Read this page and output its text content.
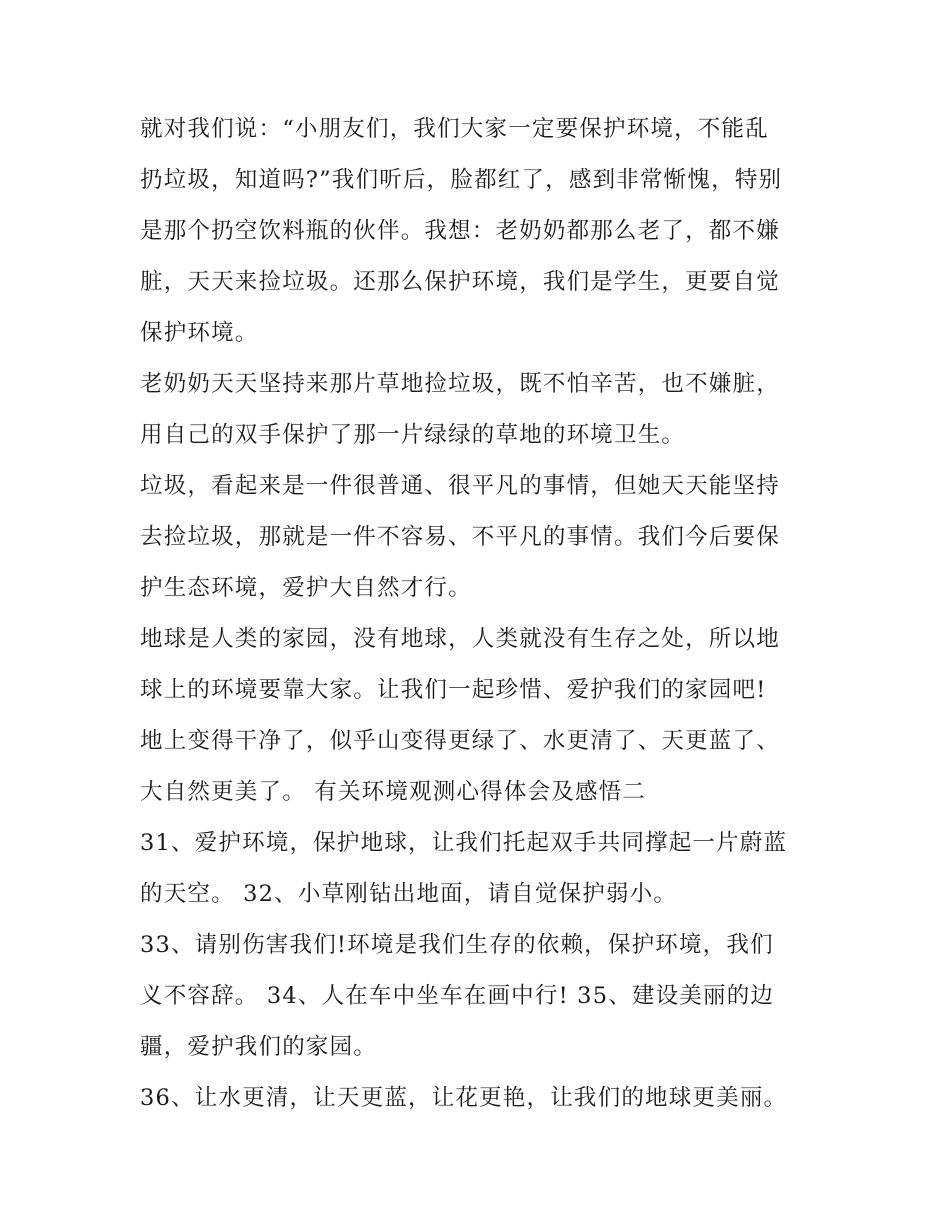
就对我们说：“小朋友们，我们大家一定要保护环境，不能乱
扔垃圾，知道吗?”我们听后，脸都红了，感到非常惭愧，特别
是那个扔空饮料瓶的伙伴。我想：老奶奶都那么老了，都不嫌
脏，天天来捡垃圾。还那么保护环境，我们是学生，更要自觉
保护环境。
老奶奶天天坚持来那片草地捡垃圾，既不怕辛苦，也不嫌脏，
用自己的双手保护了那一片绿绿的草地的环境卫生。
垃圾，看起来是一件很普通、很平凡的事情，但她天天能坚持
去捡垃圾，那就是一件不容易、不平凡的事情。我们今后要保
护生态环境，爱护大自然才行。
地球是人类的家园，没有地球，人类就没有生存之处，所以地
球上的环境要靠大家。让我们一起珍惜、爱护我们的家园吧!
地上变得干净了，似乎山变得更绿了、水更清了、天更蓝了、
大自然更美了。 有关环境观测心得体会及感悟二
31、爱护环境，保护地球，让我们托起双手共同撑起一片蔚蓝
的天空。 32、小草刚钻出地面，请自觉保护弱小。
33、请别伤害我们!环境是我们生存的依赖，保护环境，我们
义不容辞。 34、人在车中坐车在画中行! 35、建设美丽的边
疆，爱护我们的家园。
36、让水更清，让天更蓝，让花更艳，让我们的地球更美丽。
